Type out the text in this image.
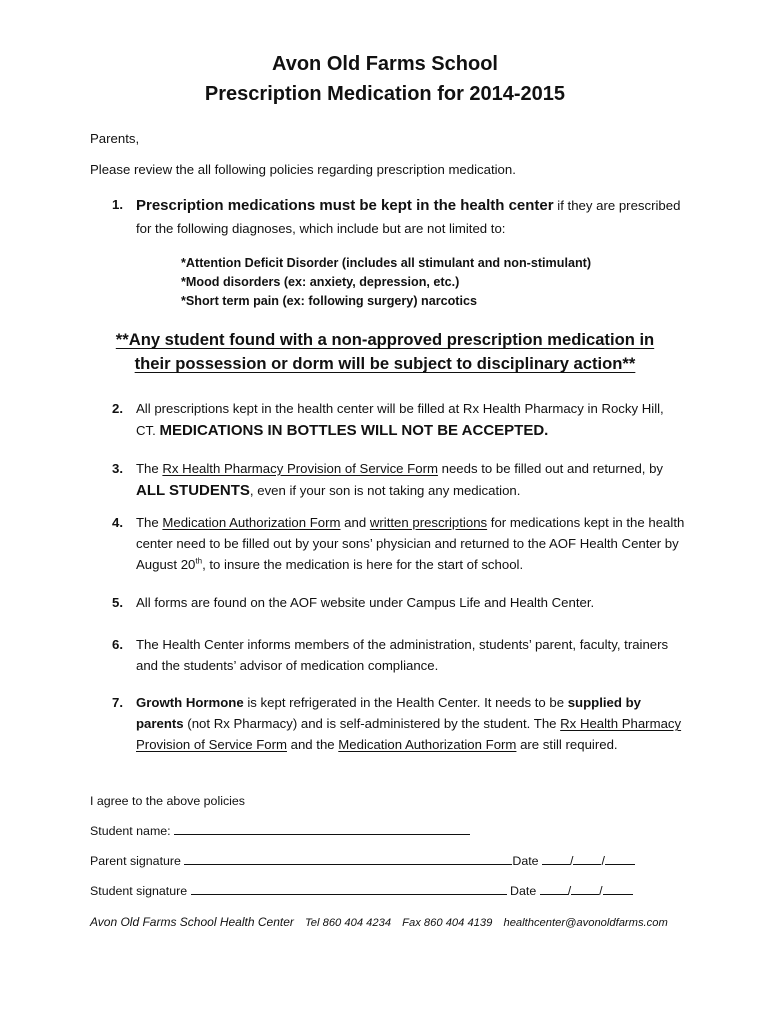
Avon Old Farms School
Prescription Medication for 2014-2015
Parents,
Please review the all following policies regarding prescription medication.
1. Prescription medications must be kept in the health center if they are prescribed for the following diagnoses, which include but are not limited to:
*Attention Deficit Disorder (includes all stimulant and non-stimulant)
*Mood disorders (ex: anxiety, depression, etc.)
*Short term pain (ex: following surgery) narcotics
**Any student found with a non-approved prescription medication in
their possession or dorm will be subject to disciplinary action**
2. All prescriptions kept in the health center will be filled at Rx Health Pharmacy in Rocky Hill, CT. MEDICATIONS IN BOTTLES WILL NOT BE ACCEPTED.
3. The Rx Health Pharmacy Provision of Service Form needs to be filled out and returned, by ALL STUDENTS, even if your son is not taking any medication.
4. The Medication Authorization Form and written prescriptions for medications kept in the health center need to be filled out by your sons’ physician and returned to the AOF Health Center by August 20th, to insure the medication is here for the start of school.
5. All forms are found on the AOF website under Campus Life and Health Center.
6. The Health Center informs members of the administration, students’ parent, faculty, trainers and the students’ advisor of medication compliance.
7. Growth Hormone is kept refrigerated in the Health Center. It needs to be supplied by parents (not Rx Pharmacy) and is self-administered by the student. The Rx Health Pharmacy Provision of Service Form and the Medication Authorization Form are still required.
I agree to the above policies
Student name:
Parent signature	Date	/ /
Student signature	Date	/ /
Avon Old Farms School Health Center Tel 860 404 4234 Fax 860 404 4139 healthcenter@avonoldfarms.com
